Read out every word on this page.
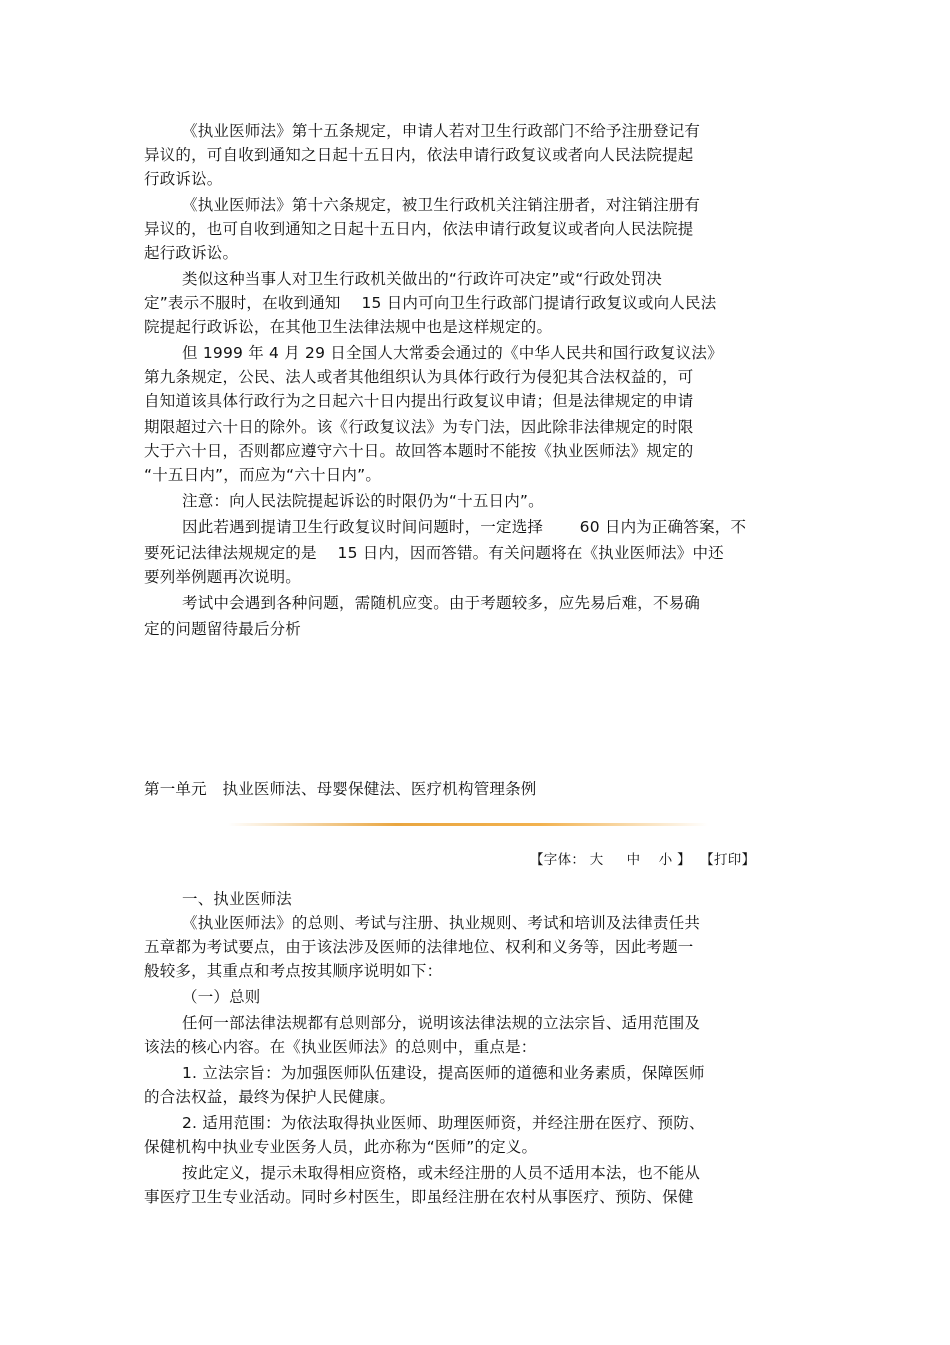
《执业医师法》第十五条规定，申请人若对卫生行政部门不给予注册登记有
异议的，可自收到通知之日起十五日内，依法申请行政复议或者向人民法院提起
行政诉讼。
《执业医师法》第十六条规定，被卫生行政机关注销注册者，对注销注册有
异议的，也可自收到通知之日起十五日内，依法申请行政复议或者向人民法院提
起行政诉讼。
类似这种当事人对卫生行政机关做出的“行政许可决定”或“行政处罚决
定”表示不服时，在收到通知　 15 日内可向卫生行政部门提请行政复议或向人民法
院提起行政诉讼，在其他卫生法律法规中也是这样规定的。
但 1999 年 4 月 29 日全国人大常委会通过的《中华人民共和国行政复议法》
第九条规定，公民、法人或者其他组织认为具体行政行为侵犯其合法权益的，可
自知道该具体行政行为之日起六十日内提出行政复议申请；但是法律规定的申请
期限超过六十日的除外。该《行政复议法》为专门法，因此除非法律规定的时限
大于六十日，否则都应遵守六十日。故回答本题时不能按《执业医师法》规定的
“十五日内”，而应为“六十日内”。
注意：向人民法院提起诉讼的时限仍为“十五日内”。
因此若遇到提请卫生行政复议时间问题时，一定选择　　 60 日内为正确答案，不
要死记法律法规规定的是　 15 日内，因而答错。有关问题将在《执业医师法》中还
要列举例题再次说明。
考试中会遇到各种问题，需随机应变。由于考题较多，应先易后难，不易确
定的问题留待最后分析
第一单元　执业医师法、母婴保健法、医疗机构管理条例
【字体： 大 中 小 】 【打印】
一、执业医师法
《执业医师法》的总则、考试与注册、执业规则、考试和培训及法律责任共
五章都为考试要点，由于该法涉及医师的法律地位、权利和义务等，因此考题一
般较多，其重点和考点按其顺序说明如下：
（一）总则
任何一部法律法规都有总则部分，说明该法律法规的立法宗旨、适用范围及
该法的核心内容。在《执业医师法》的总则中，重点是：
1. 立法宗旨：为加强医师队伍建设，提高医师的道德和业务素质，保障医师
的合法权益，最终为保护人民健康。
2. 适用范围：为依法取得执业医师、助理医师资，并经注册在医疗、预防、
保健机构中执业专业医务人员，此亦称为“医师”的定义。
按此定义，提示未取得相应资格，或未经注册的人员不适用本法，也不能从
事医疗卫生专业活动。同时乡村医生，即虽经注册在农村从事医疗、预防、保健
